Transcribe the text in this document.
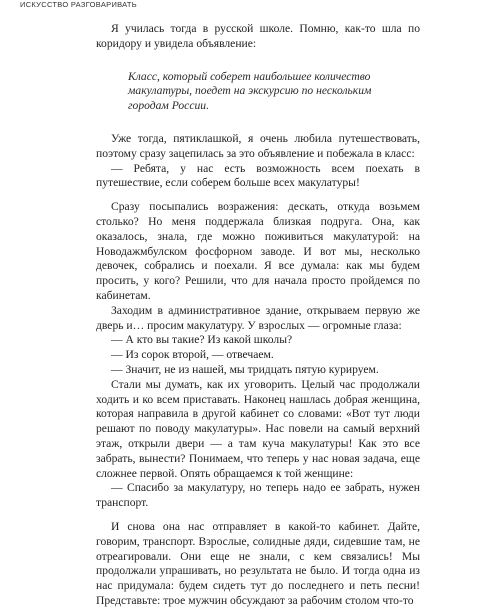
ИСКУССТВО РАЗГОВАРИВАТЬ

Я училась тогда в русской школе. Помню, как-то шла по коридору и увидела объявление:

Класс, который соберет наибольшее количество макулатуры, поедет на экскурсию по нескольким городам России.

Уже тогда, пятиклашкой, я очень любила путешествовать, поэтому сразу зацепилась за это объявление и побежала в класс:

— Ребята, у нас есть возможность всем поехать в путешествие, если соберем больше всех макулатуры!

Сразу посыпались возражения: дескать, откуда возьмем столько? Но меня поддержала близкая подруга. Она, как оказалось, знала, где можно поживиться макулатурой: на Новодажмбулском фосфорном заводе. И вот мы, несколько девочек, собрались и поехали. Я все думала: как мы будем просить, у кого? Решили, что для начала просто пройдемся по кабинетам.

Заходим в административное здание, открываем первую же дверь и… просим макулатуру. У взрослых — огромные глаза:

— А кто вы такие? Из какой школы?

— Из сорок второй, — отвечаем.

— Значит, не из нашей, мы тридцать пятую курируем.

Стали мы думать, как их уговорить. Целый час продолжали ходить и ко всем приставать. Наконец нашлась добрая женщина, которая направила в другой кабинет со словами: «Вот тут люди решают по поводу макулатуры». Нас повели на самый верхний этаж, открыли двери — а там куча макулатуры! Как это все забрать, вынести? Понимаем, что теперь у нас новая задача, еще сложнее первой. Опять обращаемся к той женщине:

— Спасибо за макулатуру, но теперь надо ее забрать, нужен транспорт.

И снова она нас отправляет в какой-то кабинет. Дайте, говорим, транспорт. Взрослые, солидные дяди, сидевшие там, не отреагировали. Они еще не знали, с кем связались! Мы продолжали упрашивать, но результата не было. И тогда одна из нас придумала: будем сидеть тут до последнего и петь песни! Представьте: трое мужчин обсуждают за рабочим столом что-то
